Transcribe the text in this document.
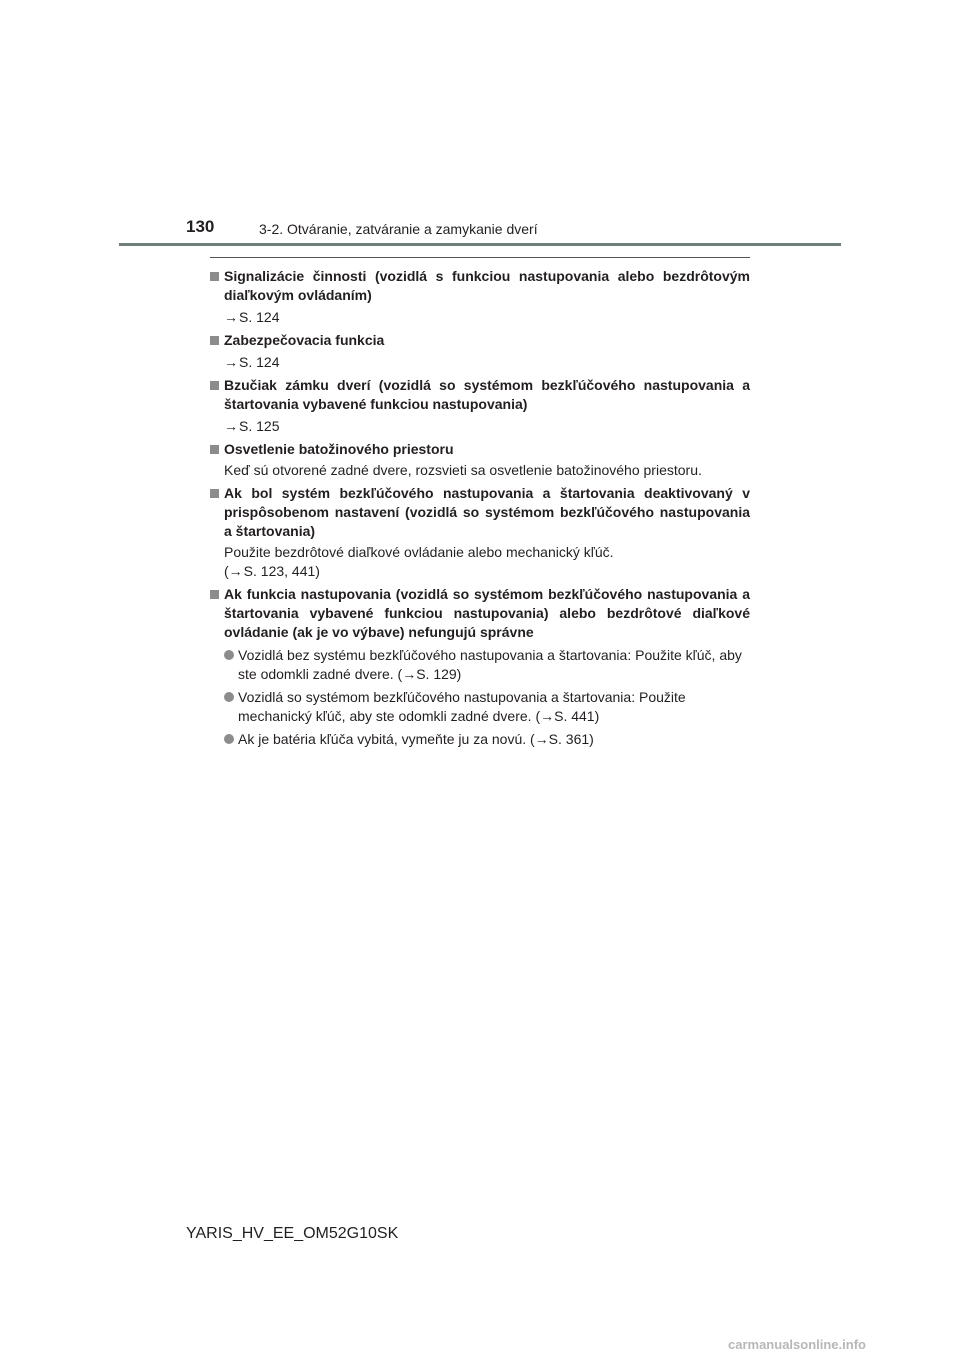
130	3-2. Otváranie, zatváranie a zamykanie dverí
Signalizácie činnosti (vozidlá s funkciou nastupovania alebo bezdrôtovým diaľkovým ovládaním)
→ S. 124
Zabezpečovacia funkcia
→ S. 124
Bzučiak zámku dverí (vozidlá so systémom bezkľúčového nastupovania a štartovania vybavené funkciou nastupovania)
→ S. 125
Osvetlenie batožinového priestoru
Keď sú otvorené zadné dvere, rozsvieti sa osvetlenie batožinového priestoru.
Ak bol systém bezkľúčového nastupovania a štartovania deaktivovaný v prispôsobenom nastavení (vozidlá so systémom bezkľúčového nastupovania a štartovania)
Použite bezdrôtové diaľkové ovládanie alebo mechanický kľúč.
( → S. 123, 441)
Ak funkcia nastupovania (vozidlá so systémom bezkľúčového nastupovania a štartovania vybavené funkciou nastupovania) alebo bezdrôtové diaľkové ovládanie (ak je vo výbave) nefungujú správne
Vozidlá bez systému bezkľúčového nastupovania a štartovania: Použite kľúč, aby ste odomkli zadné dvere. (→S. 129)
Vozidlá so systémom bezkľúčového nastupovania a štartovania: Použite mechanický kľúč, aby ste odomkli zadné dvere. (→S. 441)
Ak je batéria kľúča vybitá, vymeňte ju za novú. (→S. 361)
YARIS_HV_EE_OM52G10SK
carmanualsonline.info
